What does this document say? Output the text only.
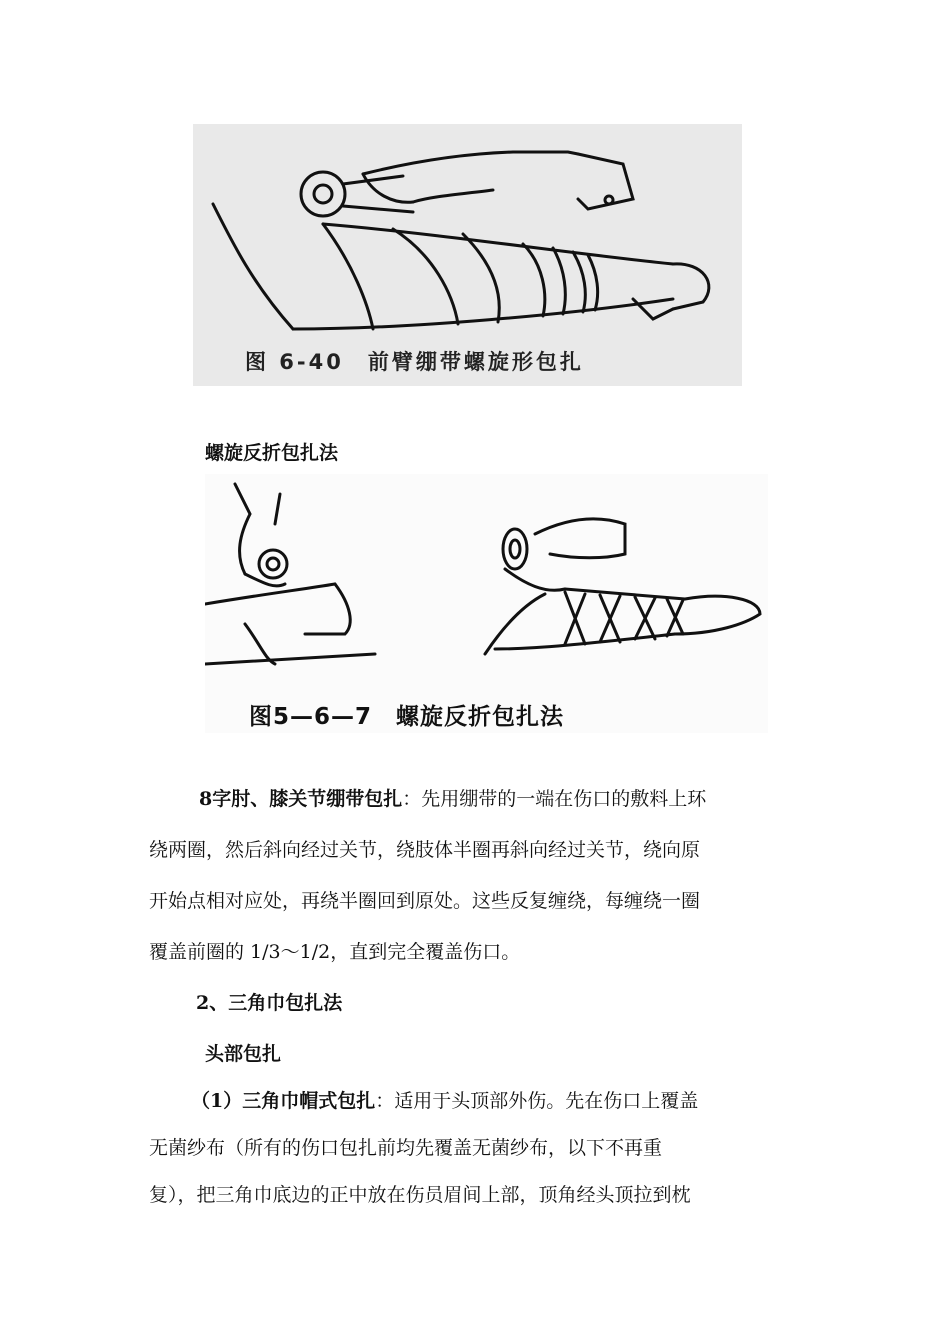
图 6-40　前臂绷带螺旋形包扎
螺旋反折包扎法
图5—6—7　螺旋反折包扎法
8字肘、膝关节绷带包扎：先用绷带的一端在伤口的敷料上环
绕两圈，然后斜向经过关节，绕肢体半圈再斜向经过关节，绕向原
开始点相对应处，再绕半圈回到原处。这些反复缠绕，每缠绕一圈
覆盖前圈的 1/3～1/2，直到完全覆盖伤口。
2、三角巾包扎法
头部包扎
（1）三角巾帽式包扎：适用于头顶部外伤。先在伤口上覆盖
无菌纱布（所有的伤口包扎前均先覆盖无菌纱布，以下不再重
复），把三角巾底边的正中放在伤员眉间上部，顶角经头顶拉到枕
